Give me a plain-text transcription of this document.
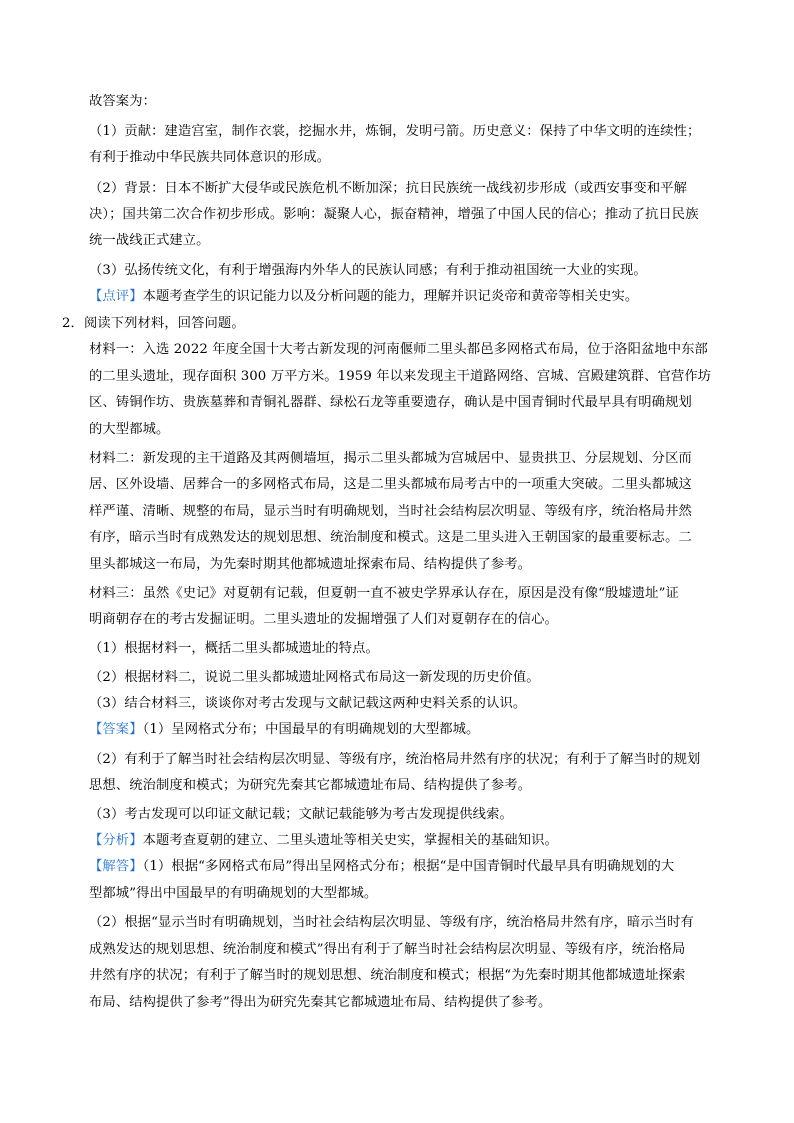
故答案为：
（1）贡献：建造宫室，制作衣裳，挖掘水井，炼铜，发明弓箭。历史意义：保持了中华文明的连续性；
有利于推动中华民族共同体意识的形成。
（2）背景：日本不断扩大侵华或民族危机不断加深；抗日民族统一战线初步形成（或西安事变和平解
决）；国共第二次合作初步形成。影响：凝聚人心，振奋精神，增强了中国人民的信心；推动了抗日民族
统一战线正式建立。
（3）弘扬传统文化，有利于增强海内外华人的民族认同感；有利于推动祖国统一大业的实现。
【点评】本题考查学生的识记能力以及分析问题的能力，理解并识记炎帝和黄帝等相关史实。
2．阅读下列材料，回答问题。
材料一：入选 2022 年度全国十大考古新发现的河南偃师二里头都邑多网格式布局，位于洛阳盆地中东部
的二里头遗址，现存面积 300 万平方米。1959 年以来发现主干道路网络、宫城、宫殿建筑群、官营作坊
区、铸铜作坊、贵族墓葬和青铜礼器群、绿松石龙等重要遗存，确认是中国青铜时代最早具有明确规划
的大型都城。
材料二：新发现的主干道路及其两侧墙垣，揭示二里头都城为宫城居中、显贵拱卫、分层规划、分区而
居、区外设墙、居葬合一的多网格式布局，这是二里头都城布局考古中的一项重大突破。二里头都城这
样严谨、清晰、规整的布局，显示当时有明确规划，当时社会结构层次明显、等级有序，统治格局井然
有序，暗示当时有成熟发达的规划思想、统治制度和模式。这是二里头进入王朝国家的最重要标志。二
里头都城这一布局，为先秦时期其他都城遗址探索布局、结构提供了参考。
材料三：虽然《史记》对夏朝有记载，但夏朝一直不被史学界承认存在，原因是没有像“殷墟遗址”证
明商朝存在的考古发掘证明。二里头遗址的发掘增强了人们对夏朝存在的信心。
（1）根据材料一，概括二里头都城遗址的特点。
（2）根据材料二，说说二里头都城遗址网格式布局这一新发现的历史价值。
（3）结合材料三，谈谈你对考古发现与文献记载这两种史料关系的认识。
【答案】（1）呈网格式分布；中国最早的有明确规划的大型都城。
（2）有利于了解当时社会结构层次明显、等级有序，统治格局井然有序的状况；有利于了解当时的规划
思想、统治制度和模式；为研究先秦其它都城遗址布局、结构提供了参考。
（3）考古发现可以印证文献记载；文献记载能够为考古发现提供线索。
【分析】本题考查夏朝的建立、二里头遗址等相关史实，掌握相关的基础知识。
【解答】（1）根据“多网格式布局”得出呈网格式分布；根据“是中国青铜时代最早具有明确规划的大
型都城”得出中国最早的有明确规划的大型都城。
（2）根据“显示当时有明确规划，当时社会结构层次明显、等级有序，统治格局井然有序，暗示当时有
成熟发达的规划思想、统治制度和模式”得出有利于了解当时社会结构层次明显、等级有序，统治格局
井然有序的状况；有利于了解当时的规划思想、统治制度和模式；根据“为先秦时期其他都城遗址探索
布局、结构提供了参考”得出为研究先秦其它都城遗址布局、结构提供了参考。
